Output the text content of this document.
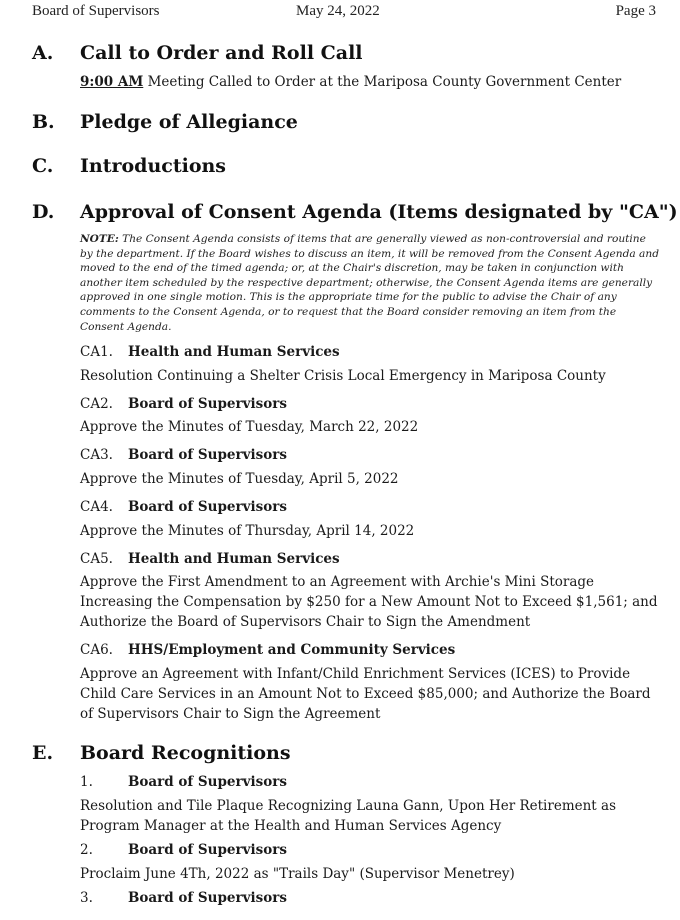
Board of Supervisors	May 24, 2022	Page 3
A. Call to Order and Roll Call
9:00 AM Meeting Called to Order at the Mariposa County Government Center
B. Pledge of Allegiance
C. Introductions
D. Approval of Consent Agenda (Items designated by "CA")
NOTE: The Consent Agenda consists of items that are generally viewed as non-controversial and routine by the department. If the Board wishes to discuss an item, it will be removed from the Consent Agenda and moved to the end of the timed agenda; or, at the Chair's discretion, may be taken in conjunction with another item scheduled by the respective department; otherwise, the Consent Agenda items are generally approved in one single motion. This is the appropriate time for the public to advise the Chair of any comments to the Consent Agenda, or to request that the Board consider removing an item from the Consent Agenda.
CA1. Health and Human Services
Resolution Continuing a Shelter Crisis Local Emergency in Mariposa County
CA2. Board of Supervisors
Approve the Minutes of Tuesday, March 22, 2022
CA3. Board of Supervisors
Approve the Minutes of Tuesday, April 5, 2022
CA4. Board of Supervisors
Approve the Minutes of Thursday, April 14, 2022
CA5. Health and Human Services
Approve the First Amendment to an Agreement with Archie's Mini Storage Increasing the Compensation by $250 for a New Amount Not to Exceed $1,561; and Authorize the Board of Supervisors Chair to Sign the Amendment
CA6. HHS/Employment and Community Services
Approve an Agreement with Infant/Child Enrichment Services (ICES) to Provide Child Care Services in an Amount Not to Exceed $85,000; and Authorize the Board of Supervisors Chair to Sign the Agreement
E. Board Recognitions
1.	Board of Supervisors
Resolution and Tile Plaque Recognizing Launa Gann, Upon Her Retirement as Program Manager at the Health and Human Services Agency
2.	Board of Supervisors
Proclaim June 4Th, 2022 as "Trails Day" (Supervisor Menetrey)
3.	Board of Supervisors
